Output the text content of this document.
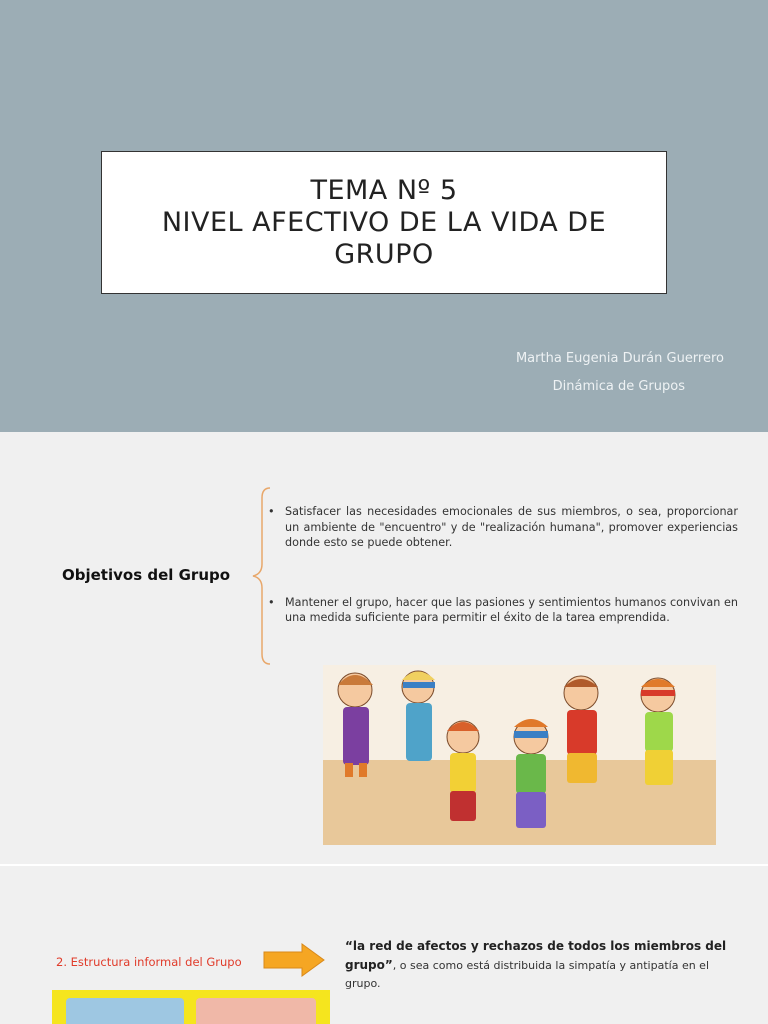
TEMA Nº 5
NIVEL AFECTIVO DE LA VIDA DE
GRUPO
Martha Eugenia Durán Guerrero
Dinámica de Grupos
Objetivos del Grupo
• Satisfacer las necesidades emocionales de sus miembros, o sea, proporcionar un ambiente de "encuentro" y de "realización humana", promover experiencias donde esto se puede obtener.
• Mantener el grupo, hacer que las pasiones y sentimientos humanos convivan en una medida suficiente para permitir el éxito de la tarea emprendida.
2. Estructura informal del Grupo
“la red de afectos y rechazos de todos los miembros del grupo”, o sea como está distribuida la simpatía y antipatía en el grupo.
